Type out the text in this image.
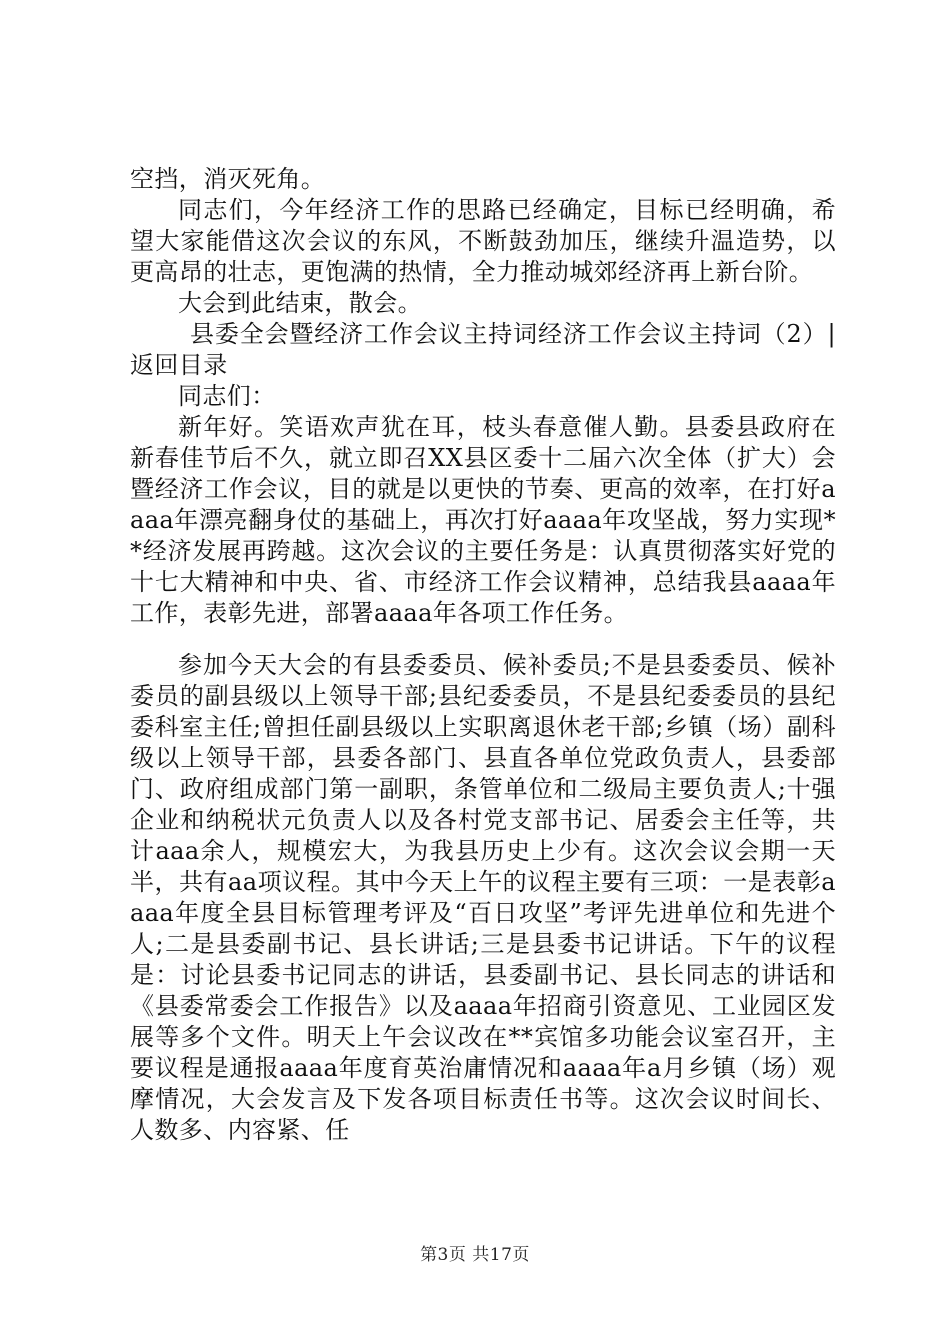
空挡，消灭死角。

同志们，今年经济工作的思路已经确定，目标已经明确，希望大家能借这次会议的东风，不断鼓劲加压，继续升温造势，以更高昂的壮志，更饱满的热情，全力推动城郊经济再上新台阶。

大会到此结束，散会。

县委全会暨经济工作会议主持词经济工作会议主持词（2）|返回目录

同志们：

新年好。笑语欢声犹在耳，枝头春意催人勤。县委县政府在新春佳节后不久，就立即召XX县区委十二届六次全体（扩大）会暨经济工作会议，目的就是以更快的节奏、更高的效率，在打好aaaa年漂亮翻身仗的基础上，再次打好aaaa年攻坚战，努力实现**经济发展再跨越。这次会议的主要任务是：认真贯彻落实好党的十七大精神和中央、省、市经济工作会议精神，总结我县aaaa年工作，表彰先进，部署aaaa年各项工作任务。

参加今天大会的有县委委员、候补委员;不是县委委员、候补委员的副县级以上领导干部;县纪委委员，不是县纪委委员的县纪委科室主任;曾担任副县级以上实职离退休老干部;乡镇（场）副科级以上领导干部，县委各部门、县直各单位党政负责人，县委部门、政府组成部门第一副职，条管单位和二级局主要负责人;十强企业和纳税状元负责人以及各村党支部书记、居委会主任等，共计aaa余人，规模宏大，为我县历史上少有。这次会议会期一天半，共有aa项议程。其中今天上午的议程主要有三项：一是表彰aaaa年度全县目标管理考评及“百日攻坚”考评先进单位和先进个人;二是县委副书记、县长讲话;三是县委书记讲话。下午的议程是：讨论县委书记同志的讲话，县委副书记、县长同志的讲话和《县委常委会工作报告》以及aaaa年招商引资意见、工业园区发展等多个文件。明天上午会议改在**宾馆多功能会议室召开，主要议程是通报aaaa年度育英治庸情况和aaaa年a月乡镇（场）观摩情况，大会发言及下发各项目标责任书等。这次会议时间长、人数多、内容紧、任

第3页 共17页
